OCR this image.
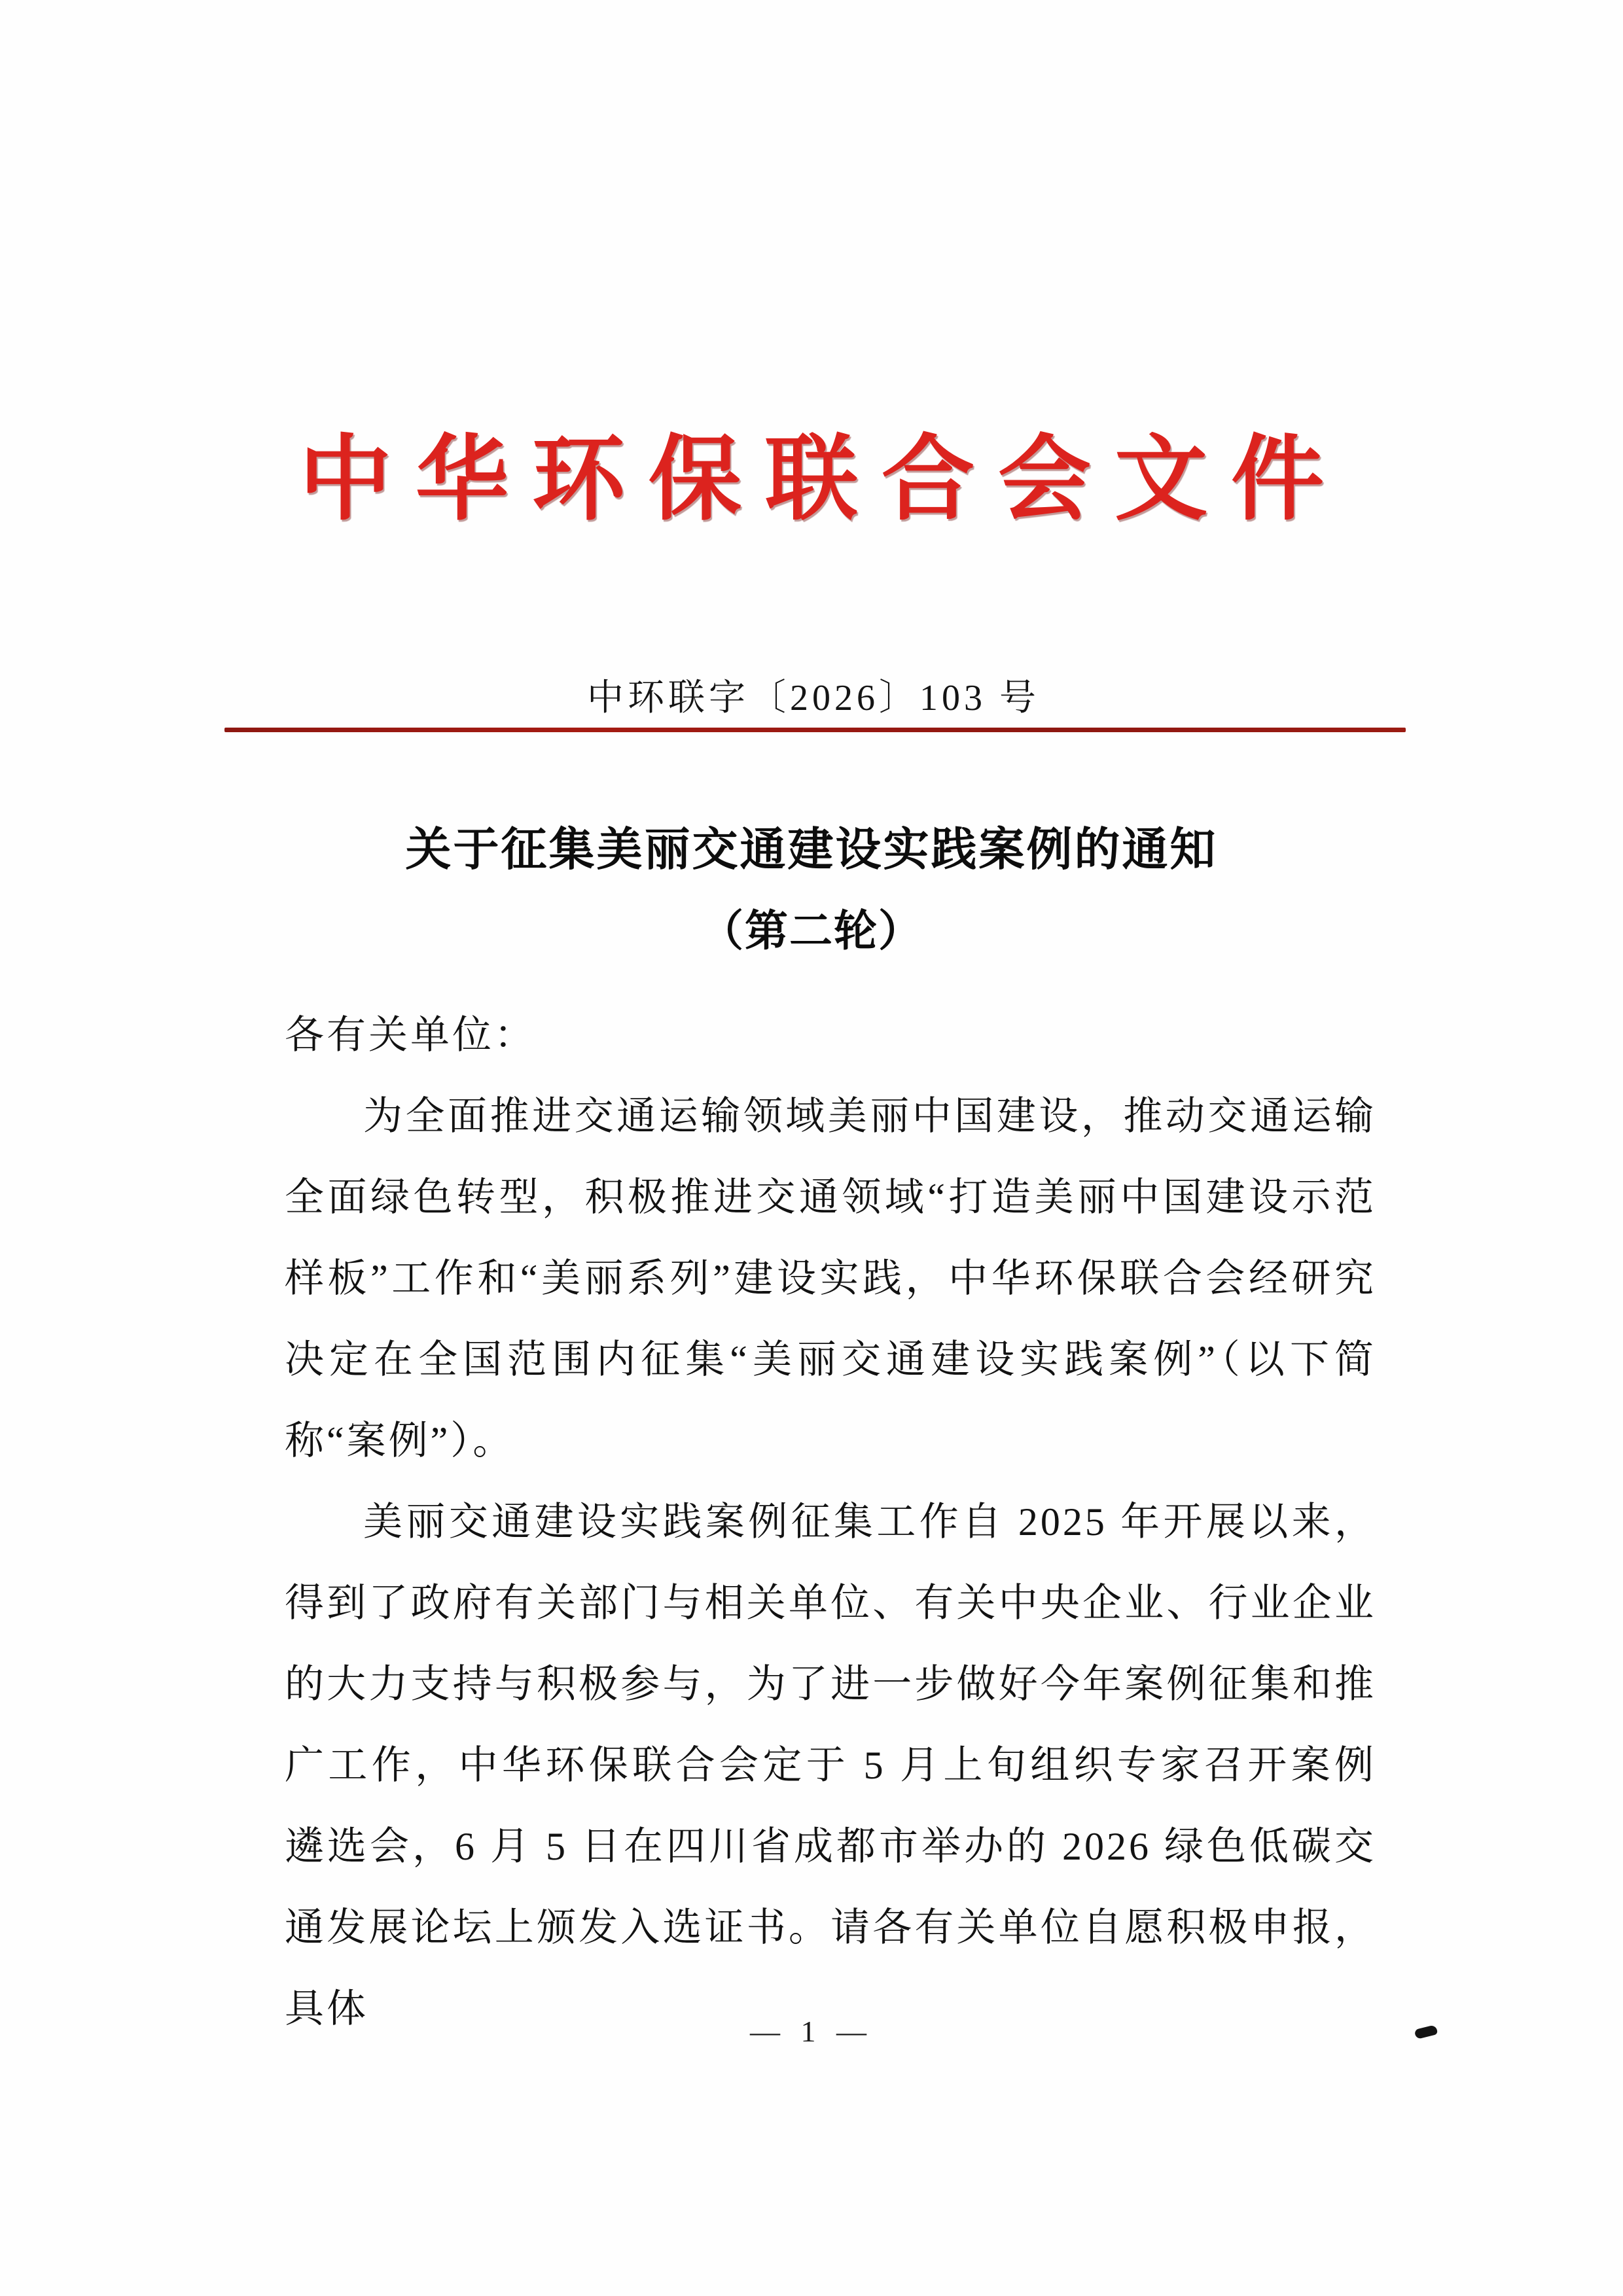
中华环保联合会文件
中环联字〔2026〕103 号
关于征集美丽交通建设实践案例的通知
（第二轮）

各有关单位：

为全面推进交通运输领域美丽中国建设，推动交通运输全面绿色转型，积极推进交通领域“打造美丽中国建设示范样板”工作和“美丽系列”建设实践，中华环保联合会经研究决定在全国范围内征集“美丽交通建设实践案例”（以下简称“案例”）。

美丽交通建设实践案例征集工作自 2025 年开展以来，得到了政府有关部门与相关单位、有关中央企业、行业企业的大力支持与积极参与，为了进一步做好今年案例征集和推广工作，中华环保联合会定于 5 月上旬组织专家召开案例遴选会，6 月 5 日在四川省成都市举办的 2026 绿色低碳交通发展论坛上颁发入选证书。请各有关单位自愿积极申报，具体

— 1 —
